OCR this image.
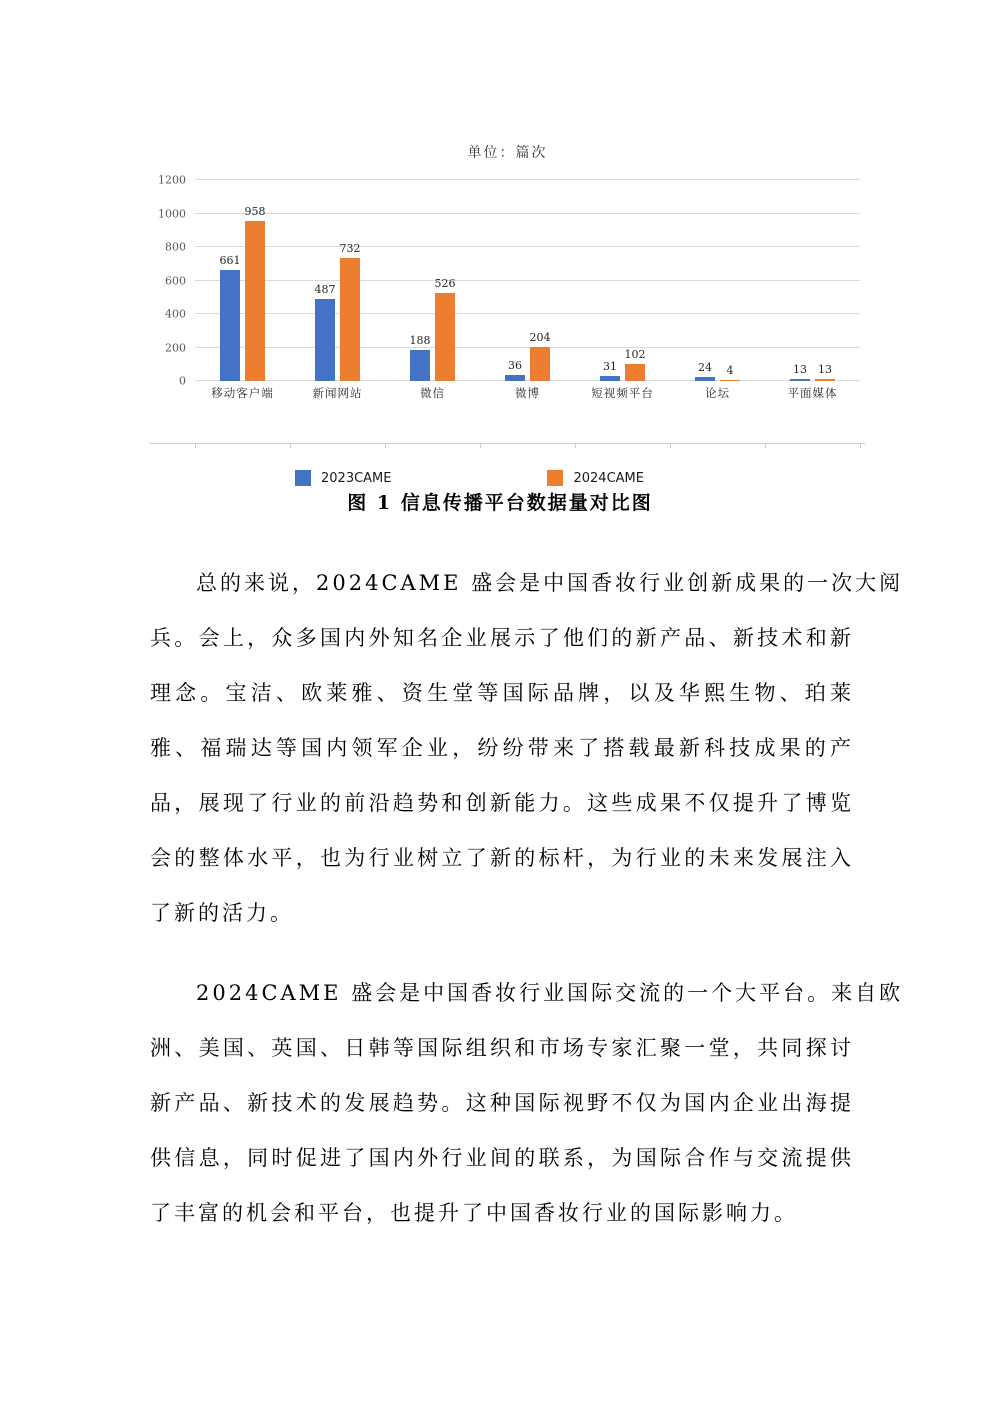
单位：篇次
0
200
400
600
800
1000
1200
661
958
487
732
188
526
36
204
31
102
24 4	13 13
移动客户端	新闻网站	微信	微博	短视频平台	论坛	平面媒体
2023CAME	2024CAME
图 1 信息传播平台数据量对比图
总的来说，2024CAME 盛会是中国香妆行业创新成果的一次大阅
兵。会上，众多国内外知名企业展示了他们的新产品、新技术和新
理念。宝洁、欧莱雅、资生堂等国际品牌，以及华熙生物、珀莱
雅、福瑞达等国内领军企业，纷纷带来了搭载最新科技成果的产
品，展现了行业的前沿趋势和创新能力。这些成果不仅提升了博览
会的整体水平，也为行业树立了新的标杆，为行业的未来发展注入
了新的活力。
2024CAME 盛会是中国香妆行业国际交流的一个大平台。来自欧
洲、美国、英国、日韩等国际组织和市场专家汇聚一堂，共同探讨
新产品、新技术的发展趋势。这种国际视野不仅为国内企业出海提
供信息，同时促进了国内外行业间的联系，为国际合作与交流提供
了丰富的机会和平台，也提升了中国香妆行业的国际影响力。
